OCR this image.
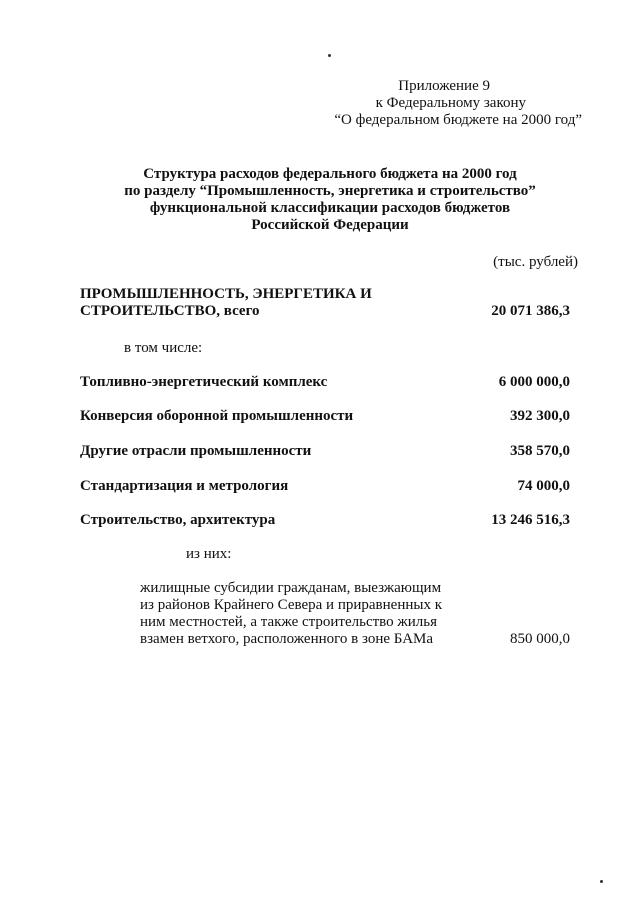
Приложение 9
к Федеральному закону
“О федеральном бюджете на 2000 год”
Структура расходов федерального бюджета на 2000 год
по разделу “Промышленность, энергетика и строительство”
функциональной классификации расходов бюджетов
Российской Федерации
(тыс. рублей)
ПРОМЫШЛЕННОСТЬ, ЭНЕРГЕТИКА И
СТРОИТЕЛЬСТВО, всего	20 071 386,3
в том числе:
Топливно-энергетический комплекс	6 000 000,0
Конверсия оборонной промышленности	392 300,0
Другие отрасли промышленности	358 570,0
Стандартизация и метрология	74 000,0
Строительство, архитектура	13 246 516,3
из них:
жилищные субсидии гражданам, выезжающим
из районов Крайнего Севера и приравненных к
ним местностей, а также строительство жилья
взамен ветхого, расположенного в зоне БАМа	850 000,0
